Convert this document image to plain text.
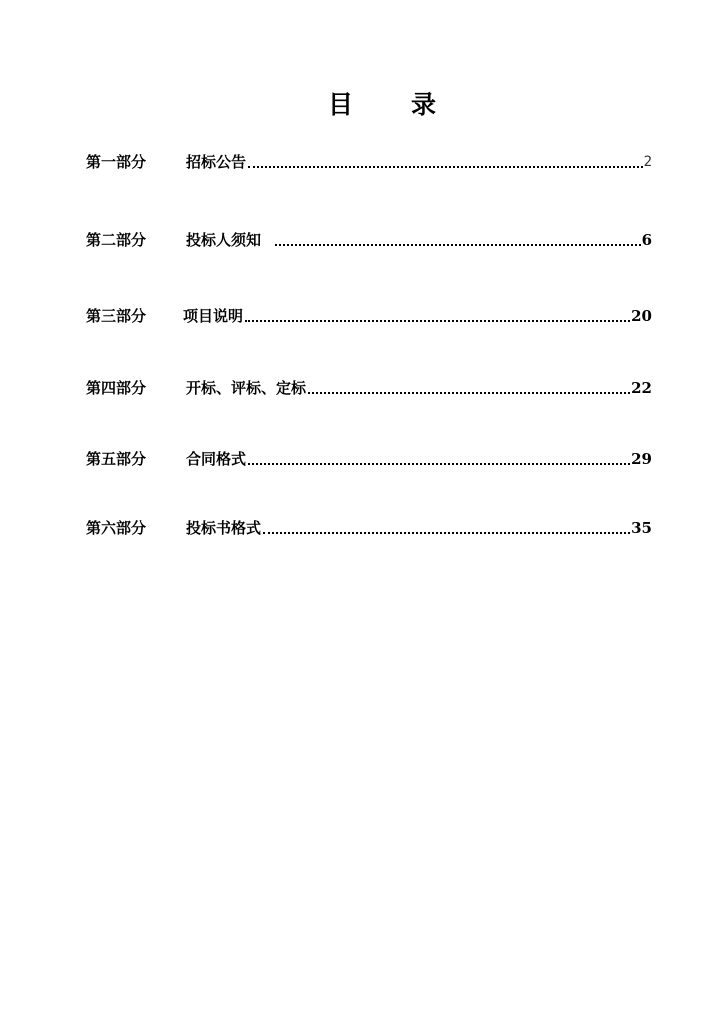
目 录
第一部分	招标公告	2
第二部分	投标人须知	6
第三部分	项目说明	20
第四部分	开标、评标、定标	22
第五部分	合同格式	29
第六部分	投标书格式	35
